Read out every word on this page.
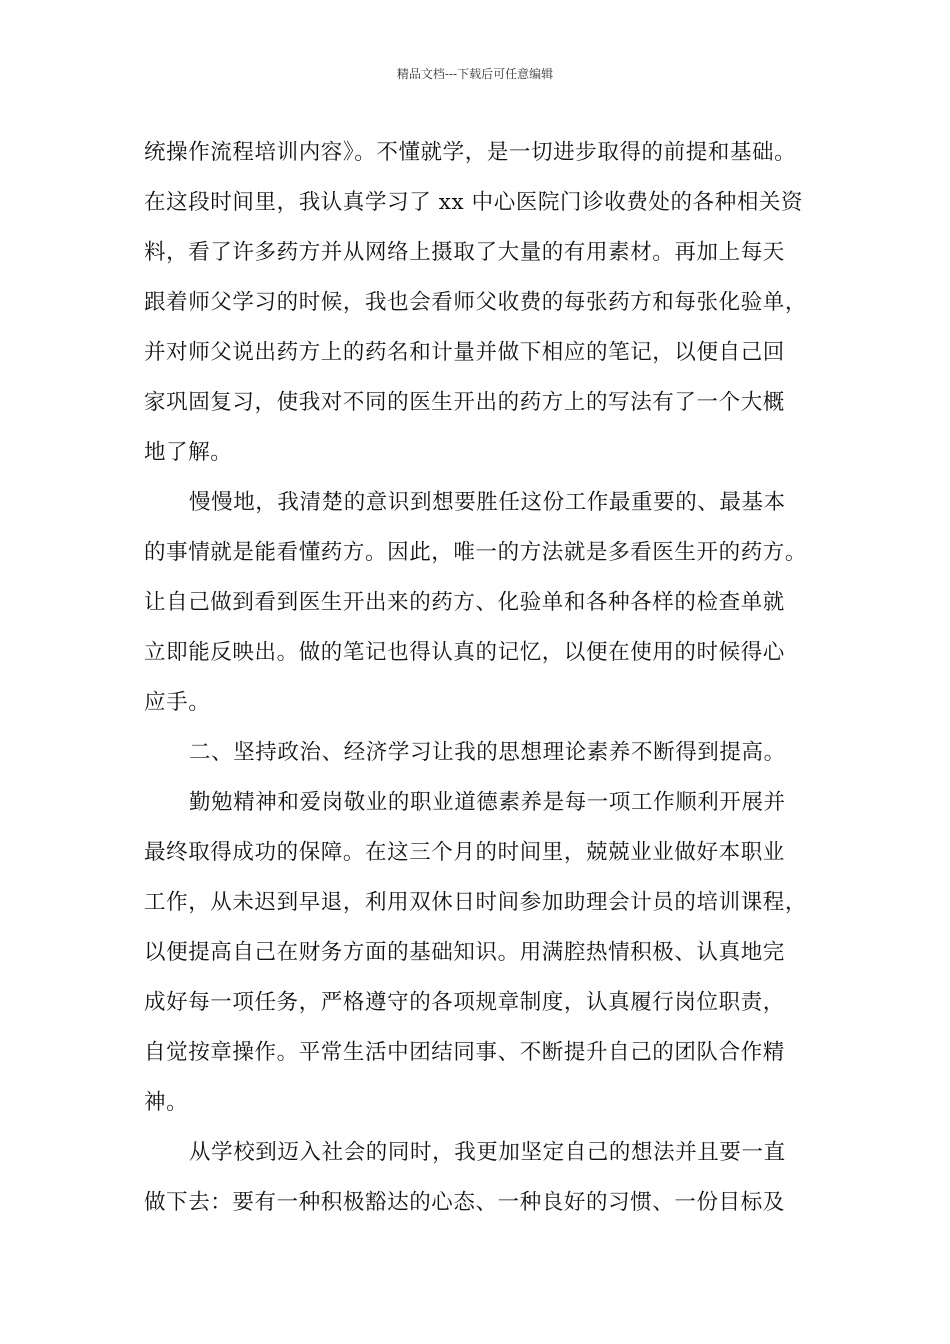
精品文档---下载后可任意编辑
统操作流程培训内容》。不懂就学，是一切进步取得的前提和基础。
在这段时间里，我认真学习了 xx 中心医院门诊收费处的各种相关资
料，看了许多药方并从网络上摄取了大量的有用素材。再加上每天
跟着师父学习的时候，我也会看师父收费的每张药方和每张化验单，
并对师父说出药方上的药名和计量并做下相应的笔记，以便自己回
家巩固复习，使我对不同的医生开出的药方上的写法有了一个大概
地了解。
慢慢地，我清楚的意识到想要胜任这份工作最重要的、最基本
的事情就是能看懂药方。因此，唯一的方法就是多看医生开的药方。
让自己做到看到医生开出来的药方、化验单和各种各样的检查单就
立即能反映出。做的笔记也得认真的记忆，以便在使用的时候得心
应手。
二、坚持政治、经济学习让我的思想理论素养不断得到提高。
勤勉精神和爱岗敬业的职业道德素养是每一项工作顺利开展并
最终取得成功的保障。在这三个月的时间里，兢兢业业做好本职业
工作，从未迟到早退，利用双休日时间参加助理会计员的培训课程，
以便提高自己在财务方面的基础知识。用满腔热情积极、认真地完
成好每一项任务，严格遵守的各项规章制度，认真履行岗位职责，
自觉按章操作。平常生活中团结同事、不断提升自己的团队合作精
神。
从学校到迈入社会的同时，我更加坚定自己的想法并且要一直
做下去：要有一种积极豁达的心态、一种良好的习惯、一份目标及
